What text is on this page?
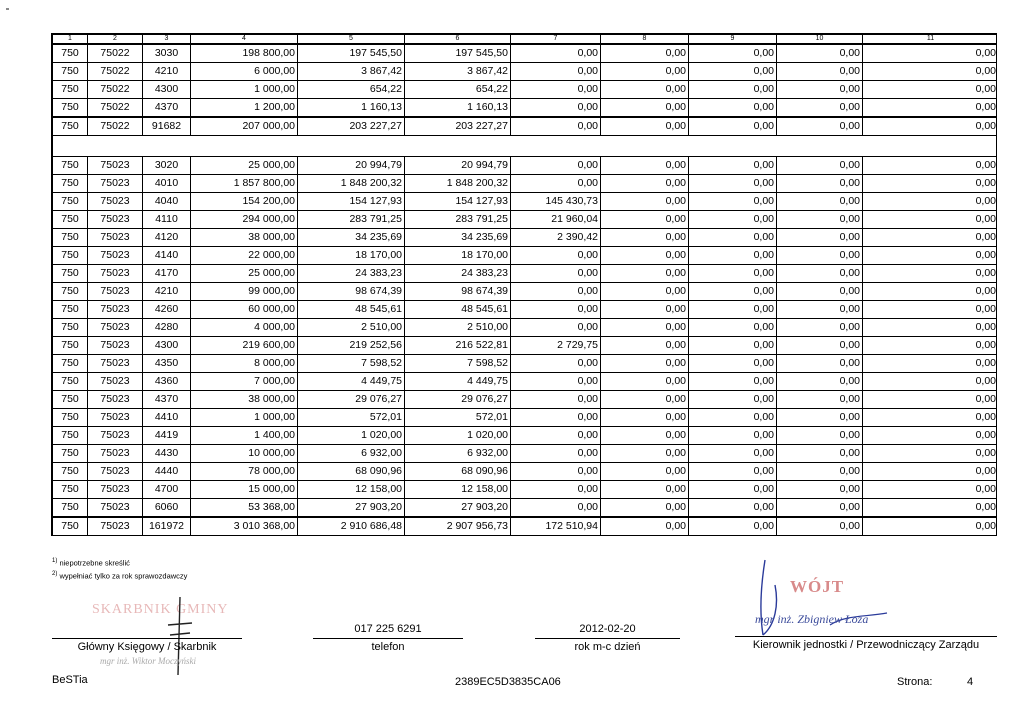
1	2	3	4	5	6	7	8	9	10	11
750	75022	3030	198 800,00	197 545,50	197 545,50	0,00	0,00	0,00	0,00	0,00
750	75022	4210	6 000,00	3 867,42	3 867,42	0,00	0,00	0,00	0,00	0,00
750	75022	4300	1 000,00	654,22	654,22	0,00	0,00	0,00	0,00	0,00
750	75022	4370	1 200,00	1 160,13	1 160,13	0,00	0,00	0,00	0,00	0,00
750	75022	91682	207 000,00	203 227,27	203 227,27	0,00	0,00	0,00	0,00	0,00

750	75023	3020	25 000,00	20 994,79	20 994,79	0,00	0,00	0,00	0,00	0,00
750	75023	4010	1 857 800,00	1 848 200,32	1 848 200,32	0,00	0,00	0,00	0,00	0,00
750	75023	4040	154 200,00	154 127,93	154 127,93	145 430,73	0,00	0,00	0,00	0,00
750	75023	4110	294 000,00	283 791,25	283 791,25	21 960,04	0,00	0,00	0,00	0,00
750	75023	4120	38 000,00	34 235,69	34 235,69	2 390,42	0,00	0,00	0,00	0,00
750	75023	4140	22 000,00	18 170,00	18 170,00	0,00	0,00	0,00	0,00	0,00
750	75023	4170	25 000,00	24 383,23	24 383,23	0,00	0,00	0,00	0,00	0,00
750	75023	4210	99 000,00	98 674,39	98 674,39	0,00	0,00	0,00	0,00	0,00
750	75023	4260	60 000,00	48 545,61	48 545,61	0,00	0,00	0,00	0,00	0,00
750	75023	4280	4 000,00	2 510,00	2 510,00	0,00	0,00	0,00	0,00	0,00
750	75023	4300	219 600,00	219 252,56	216 522,81	2 729,75	0,00	0,00	0,00	0,00
750	75023	4350	8 000,00	7 598,52	7 598,52	0,00	0,00	0,00	0,00	0,00
750	75023	4360	7 000,00	4 449,75	4 449,75	0,00	0,00	0,00	0,00	0,00
750	75023	4370	38 000,00	29 076,27	29 076,27	0,00	0,00	0,00	0,00	0,00
750	75023	4410	1 000,00	572,01	572,01	0,00	0,00	0,00	0,00	0,00
750	75023	4419	1 400,00	1 020,00	1 020,00	0,00	0,00	0,00	0,00	0,00
750	75023	4430	10 000,00	6 932,00	6 932,00	0,00	0,00	0,00	0,00	0,00
750	75023	4440	78 000,00	68 090,96	68 090,96	0,00	0,00	0,00	0,00	0,00
750	75023	4700	15 000,00	12 158,00	12 158,00	0,00	0,00	0,00	0,00	0,00
750	75023	6060	53 368,00	27 903,20	27 903,20	0,00	0,00	0,00	0,00	0,00
750	75023	161972	3 010 368,00	2 910 686,48	2 907 956,73	172 510,94	0,00	0,00	0,00	0,00

$^{1)}$ niepotrzebne skreślić
$^{2)}$ wypełniać tylko za rok sprawozdawczy
SKARBNIK GMINY
Główny Księgowy / Skarbnik
mgr inż. Wiktor Moczyński
017 225 6291
telefon
2012-02-20
rok m-c dzień
WÓJT
mgr inż. Zbigniew Łoza
Kierownik jednostki / Przewodniczący Zarządu
BeSTia	2389EC5D3835CA06	Strona:	4
